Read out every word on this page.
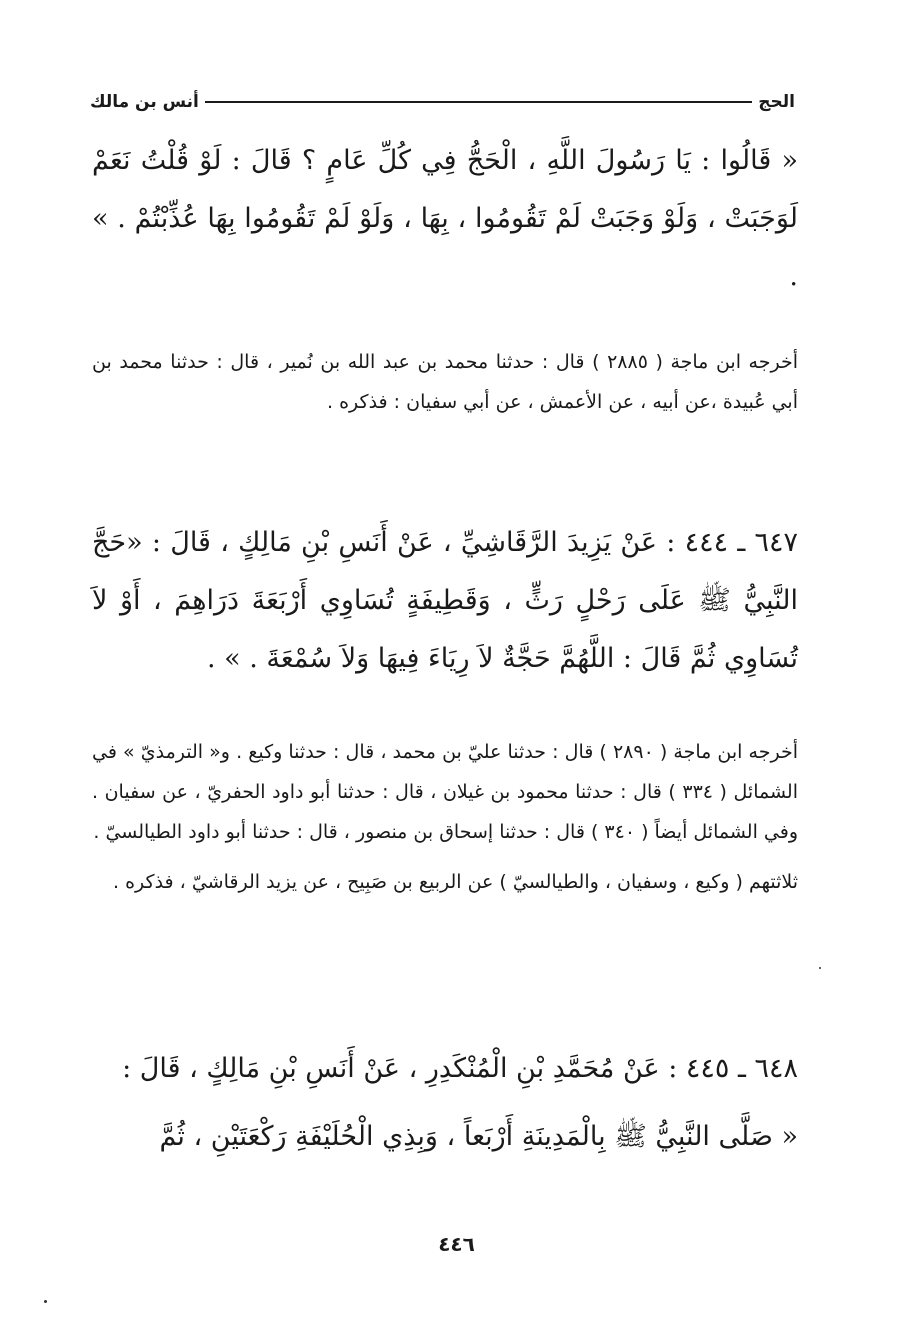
الحج
أنس بن مالك

« قَالُوا : يَا رَسُولَ اللَّهِ ، الْحَجُّ فِي كُلِّ عَامٍ ؟ قَالَ : لَوْ قُلْتُ نَعَمْ لَوَجَبَتْ ، وَلَوْ وَجَبَتْ لَمْ تَقُومُوا ، بِهَا ، وَلَوْ لَمْ تَقُومُوا بِهَا عُذِّبْتُمْ . » .

أخرجه ابن ماجة ( ٢٨٨٥ ) قال : حدثنا محمد بن عبد الله بن نُمير ، قال : حدثنا محمد بن أبي عُبيدة ،عن أبيه ، عن الأعمش ، عن أبي سفيان : فذكره .

٦٤٧ ـ ٤٤٤ : عَنْ يَزِيدَ الرَّقَاشِيِّ ، عَنْ أَنَسِ بْنِ مَالِكٍ ، قَالَ : «حَجَّ النَّبِيُّ ﷺ عَلَى رَحْلٍ رَثٍّ ، وَقَطِيفَةٍ تُسَاوِي أَرْبَعَةَ دَرَاهِمَ ، أَوْ لاَ تُسَاوِي ثُمَّ قَالَ : اللَّهُمَّ حَجَّةٌ لاَ رِيَاءَ فِيهَا وَلاَ سُمْعَةَ . » .

أخرجه ابن ماجة ( ٢٨٩٠ ) قال : حدثنا عليّ بن محمد ، قال : حدثنا وكيع . و« الترمذيّ » في الشمائل ( ٣٣٤ ) قال : حدثنا محمود بن غيلان ، قال : حدثنا أبو داود الحفريّ ، عن سفيان . وفي الشمائل أيضاً ( ٣٤٠ ) قال : حدثنا إسحاق بن منصور ، قال : حدثنا أبو داود الطيالسيّ .

ثلاثتهم ( وكيع ، وسفيان ، والطيالسيّ ) عن الربيع بن صَبِيح ، عن يزيد الرقاشيّ ، فذكره .

٦٤٨ ـ ٤٤٥ : عَنْ مُحَمَّدِ بْنِ الْمُنْكَدِرِ ، عَنْ أَنَسِ بْنِ مَالِكٍ ، قَالَ :

« صَلَّى النَّبِيُّ ﷺ بِالْمَدِينَةِ أَرْبَعاً ، وَبِذِي الْحُلَيْفَةِ رَكْعَتَيْنِ ، ثُمَّ

٤٤٦
